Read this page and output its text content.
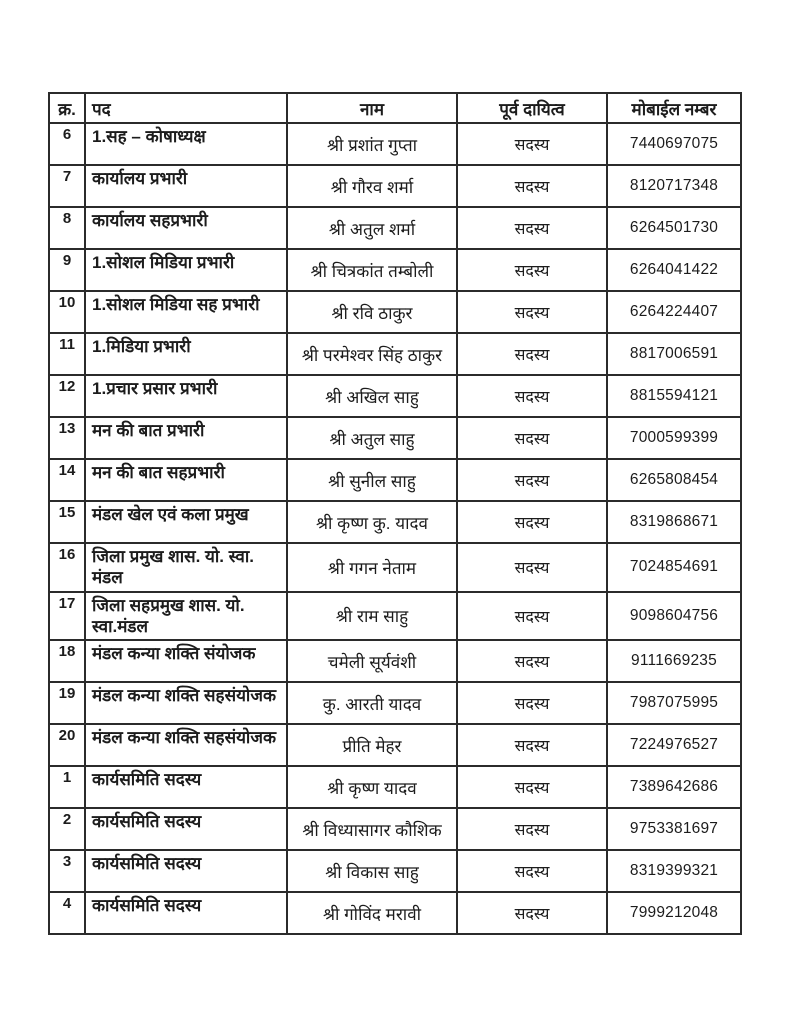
क्र.	पद	नाम	पूर्व दायित्व	मोबाईल नम्बर
6	1.सह – कोषाध्यक्ष	श्री प्रशांत गुप्ता	सदस्य	7440697075
7	कार्यालय प्रभारी	श्री गौरव शर्मा	सदस्य	8120717348
8	कार्यालय सहप्रभारी	श्री अतुल शर्मा	सदस्य	6264501730
9	1.सोशल मिडिया प्रभारी	श्री चित्रकांत तम्बोली	सदस्य	6264041422
10	1.सोशल मिडिया सह प्रभारी	श्री रवि ठाकुर	सदस्य	6264224407
11	1.मिडिया प्रभारी	श्री परमेश्वर सिंह ठाकुर	सदस्य	8817006591
12	1.प्रचार प्रसार प्रभारी	श्री अखिल साहु	सदस्य	8815594121
13	मन की बात प्रभारी	श्री अतुल साहु	सदस्य	7000599399
14	मन की बात सहप्रभारी	श्री सुनील साहु	सदस्य	6265808454
15	मंडल खेल एवं कला प्रमुख	श्री कृष्ण कु. यादव	सदस्य	8319868671
16	जिला प्रमुख शास. यो. स्वा. मंडल	श्री गगन नेताम	सदस्य	7024854691
17	जिला सहप्रमुख शास. यो. स्वा.मंडल	श्री राम साहु	सदस्य	9098604756
18	मंडल कन्या शक्ति संयोजक	चमेली सूर्यवंशी	सदस्य	9111669235
19	मंडल कन्या शक्ति सहसंयोजक	कु. आरती यादव	सदस्य	7987075995
20	मंडल कन्या शक्ति सहसंयोजक	प्रीति मेहर	सदस्य	7224976527
1	कार्यसमिति सदस्य	श्री कृष्ण यादव	सदस्य	7389642686
2	कार्यसमिति सदस्य	श्री विध्यासागर कौशिक	सदस्य	9753381697
3	कार्यसमिति सदस्य	श्री विकास साहु	सदस्य	8319399321
4	कार्यसमिति सदस्य	श्री गोविंद मरावी	सदस्य	7999212048
